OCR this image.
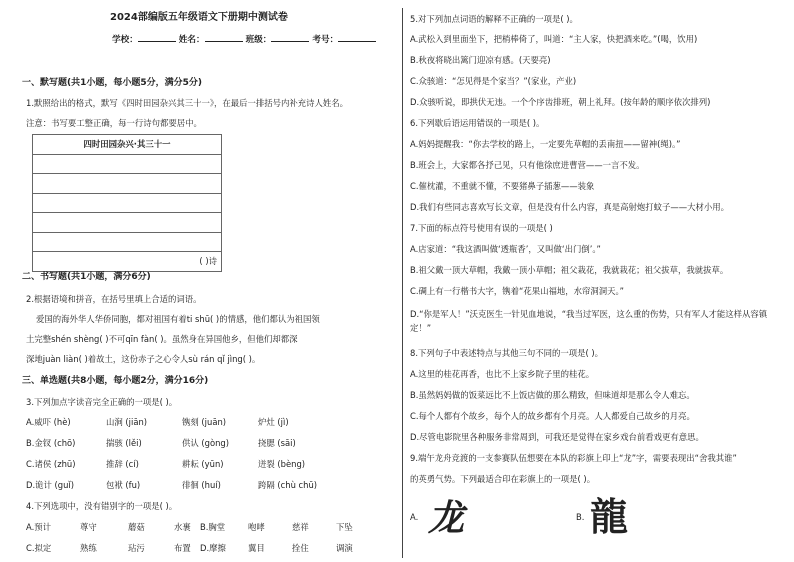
2024部编版五年级语文下册期中测试卷
学校：	姓名：	班级：	考号：
一、默写题(共1小题，每小题5分，满分5分)
1.默照给出的格式，默写《四时田园杂兴其三十一》，在最后一排括号内补充诗人姓名。
注意：书写要工整正确，每一行诗句都要居中。
四时田园杂兴·其三十一

( )诗
二、书写题(共1小题，满分6分)
2.根据语境和拼音，在括号里填上合适的词语。
爱国的海外华人华侨同胞，都对祖国有着ti shū( )的情感，他们都认为祖国领
土完整shén shèng( )不可qīn fàn( )。虽然身在异国他乡，但他们却都深
深地juàn liàn( )着故土，这份赤子之心令人sù rán qǐ jìng( )。
三、单选题(共8小题，每小题2分，满分16分)
3.下列加点字读音完全正确的一项是( )。
A.威吓 (hè)	山涧 (jiān)	镌刻 (juān)	炉灶 (jì)
B.金钗 (chō)	揣骇 (lěi)	供认 (gòng)	挠腮 (sāi)
C.诸侯 (zhū)	推辞 (cí)	耕耘 (yūn)	迸裂 (bèng)
D.诡计 (guǐ)	包袱 (fu)	徘徊 (huí)	跨隔 (chù chū)
4.下列选项中，没有错别字的一项是( )。
A.预计	尊守	蘑菇	水裹 B.胸堂	咆哮	慈祥	下坠
C.拟定	熟练	玷污	布置 D.摩擦	翼目	拴住	调演
5.对下列加点词语的解释不正确的一项是( )。
A.武松入到里面坐下，把梢棒倚了，叫道：“主人家，快把酒来吃。”(喝，饮用)
B.秋夜将晓出篱门迎凉有感。(天要亮)
C.众骇道：“怎见得是个家当？”(家业，产业)
D.众骇听说，即拱伏无违。一个个序齿排班，朝上礼拜。(按年龄的顺序依次排列)
6.下列歇后语运用错误的一项是( )。
A.妈妈提醒我：“你去学校的路上，一定要先草帽的丢南扭——留神(绳)。”
B.班会上，大家都各抒己见，只有他徐庶进曹营——一言不发。
C.催枕灌，不重就不懂，不要猪鼻子插葱——装象
D.我们有些同志喜欢写长文章，但是没有什么内容，真是高射炮打蚊子——大材小用。
7.下面的标点符号使用有误的一项是( )
A.店家道：“我这酒叫做‘透瓶香’，又叫做‘出门倒’。”
B.祖父戴一顶大草帽，我戴一顶小草帽；祖父栽花，我就栽花；祖父拔草，我就拔草。
C.碉上有一行楷书大字，镌着“花果山福地，水帘洞洞天。”
D.“你是军人！”沃克医生一针见血地说，“我当过军医，这么重的伤势，只有军人才能这样从容镇定！”
8.下列句子中表述特点与其他三句不同的一项是( )。
A.这里的桂花再香，也比不上家乡院子里的桂花。
B.虽然妈妈做的饭菜远比不上饭店做的那么精致，但味道却是那么令人难忘。
C.每个人都有个故乡，每个人的故乡都有个月亮。人人都爱自己故乡的月亮。
D.尽管电影院里各种服务非常周到，可我还是觉得在家乡戏台前看戏更有意思。
9.端午龙舟竞渡的一支参赛队伍想要在本队的彩旗上印上“龙”字，需要表现出“舍我其谁”
的英勇气势。下列最适合印在彩旗上的一项是( )。
A. 龙	B. 龍
